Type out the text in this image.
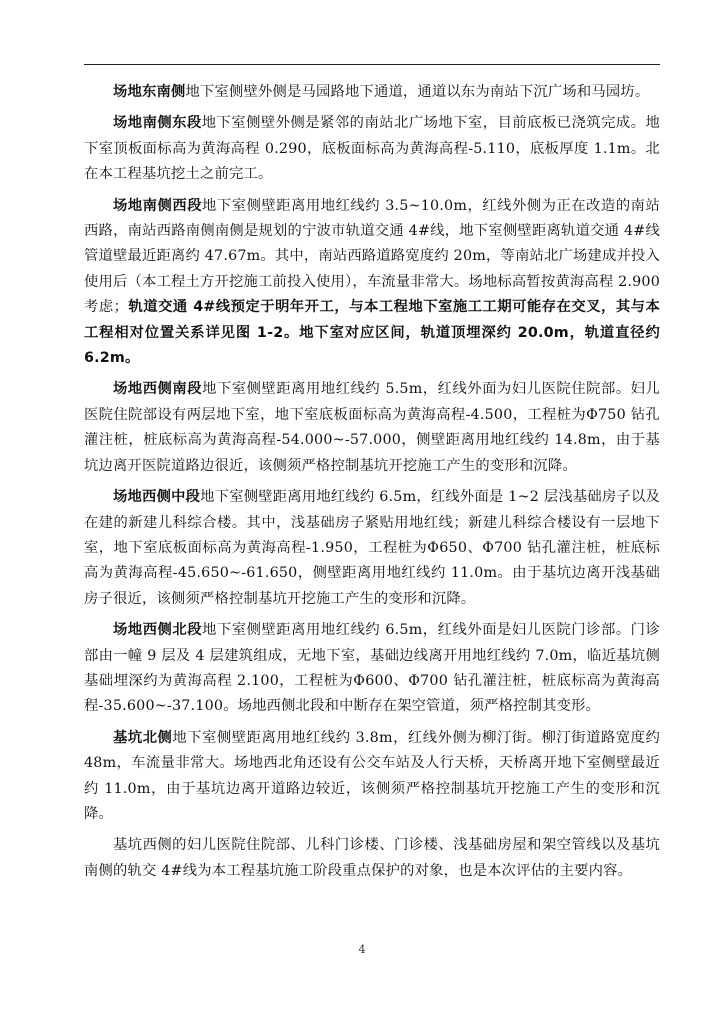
场地东南侧地下室侧壁外侧是马园路地下通道，通道以东为南站下沉广场和马园坊。

场地南侧东段地下室侧壁外侧是紧邻的南站北广场地下室，目前底板已浇筑完成。地下室顶板面标高为黄海高程 0.290，底板面标高为黄海高程-5.110，底板厚度 1.1m。北在本工程基坑挖土之前完工。

场地南侧西段地下室侧壁距离用地红线约 3.5~10.0m，红线外侧为正在改造的南站西路，南站西路南侧南侧是规划的宁波市轨道交通 4#线，地下室侧壁距离轨道交通 4#线管道壁最近距离约 47.67m。其中，南站西路道路宽度约 20m，等南站北广场建成并投入使用后（本工程土方开挖施工前投入使用），车流量非常大。场地标高暂按黄海高程 2.900 考虑；轨道交通 4#线预定于明年开工，与本工程地下室施工工期可能存在交叉，其与本工程相对位置关系详见图 1-2。地下室对应区间，轨道顶埋深约 20.0m，轨道直径约 6.2m。

场地西侧南段地下室侧壁距离用地红线约 5.5m，红线外面为妇儿医院住院部。妇儿医院住院部设有两层地下室，地下室底板面标高为黄海高程-4.500，工程桩为Φ750 钻孔灌注桩，桩底标高为黄海高程-54.000~-57.000，侧壁距离用地红线约 14.8m，由于基坑边离开医院道路边很近，该侧须严格控制基坑开挖施工产生的变形和沉降。

场地西侧中段地下室侧壁距离用地红线约 6.5m，红线外面是 1~2 层浅基础房子以及在建的新建儿科综合楼。其中，浅基础房子紧贴用地红线；新建儿科综合楼设有一层地下室，地下室底板面标高为黄海高程-1.950，工程桩为Φ650、Φ700 钻孔灌注桩，桩底标高为黄海高程-45.650~-61.650，侧壁距离用地红线约 11.0m。由于基坑边离开浅基础房子很近，该侧须严格控制基坑开挖施工产生的变形和沉降。

场地西侧北段地下室侧壁距离用地红线约 6.5m，红线外面是妇儿医院门诊部。门诊部由一幢 9 层及 4 层建筑组成，无地下室，基础边线离开用地红线约 7.0m，临近基坑侧基础埋深约为黄海高程 2.100，工程桩为Φ600、Φ700 钻孔灌注桩，桩底标高为黄海高程-35.600~-37.100。场地西侧北段和中断存在架空管道，须严格控制其变形。

基坑北侧地下室侧壁距离用地红线约 3.8m，红线外侧为柳汀街。柳汀街道路宽度约 48m，车流量非常大。场地西北角还设有公交车站及人行天桥，天桥离开地下室侧壁最近约 11.0m，由于基坑边离开道路边较近，该侧须严格控制基坑开挖施工产生的变形和沉降。

基坑西侧的妇儿医院住院部、儿科门诊楼、门诊楼、浅基础房屋和架空管线以及基坑南侧的轨交 4#线为本工程基坑施工阶段重点保护的对象，也是本次评估的主要内容。

4
